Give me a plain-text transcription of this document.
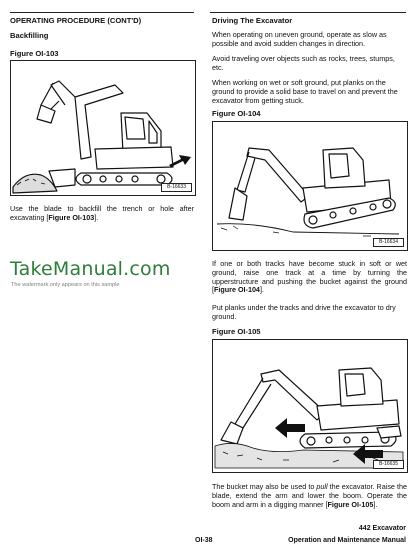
OPERATING PROCEDURE (CONT'D)
Backfilling
Figure OI-103
B-16633
Use the blade to backfill the trench or hole after excavating [Figure OI-103].
TakeManual.com
The watermark only appears on this sample
Driving The Excavator
When operating on uneven ground, operate as slow as possible and avoid sudden changes in direction.
Avoid traveling over objects such as rocks, trees, stumps, etc.
When working on wet or soft ground, put planks on the ground to provide a solid base to travel on and prevent the excavator from getting stuck.
Figure OI-104
B-16634
If one or both tracks have become stuck in soft or wet ground, raise one track at a time by turning the upperstructure and pushing the bucket against the ground [Figure OI-104].
Put planks under the tracks and drive the excavator to dry ground.
Figure OI-105
B-16635
The bucket may also be used to pull the excavator. Raise the blade, extend the arm and lower the boom. Operate the boom and arm in a digging manner [Figure OI-105].
OI-38
442 Excavator
Operation and Maintenance Manual
